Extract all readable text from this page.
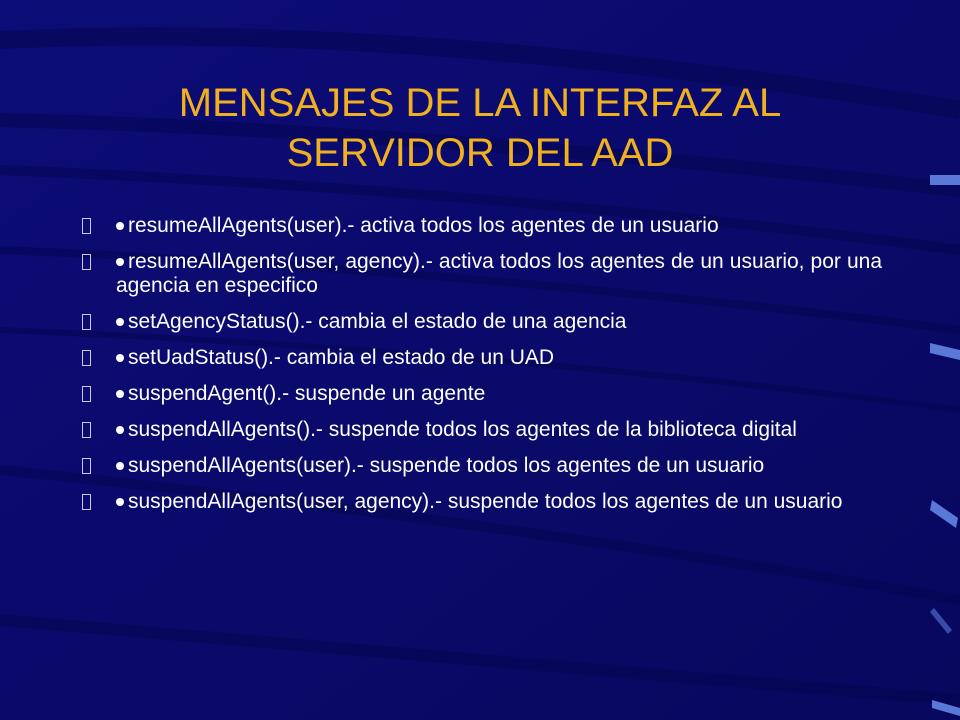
MENSAJES DE LA INTERFAZ AL
SERVIDOR DEL AAD
resumeAllAgents(user).- activa todos los agentes de un usuario
resumeAllAgents(user, agency).- activa todos los agentes de un usuario, por una agencia en especifico
setAgencyStatus().- cambia el estado de una agencia
setUadStatus().- cambia el estado de un UAD
suspendAgent().- suspende un agente
suspendAllAgents().- suspende todos los agentes de la biblioteca digital
suspendAllAgents(user).- suspende todos los agentes de un usuario
suspendAllAgents(user, agency).- suspende todos los agentes de un usuario
